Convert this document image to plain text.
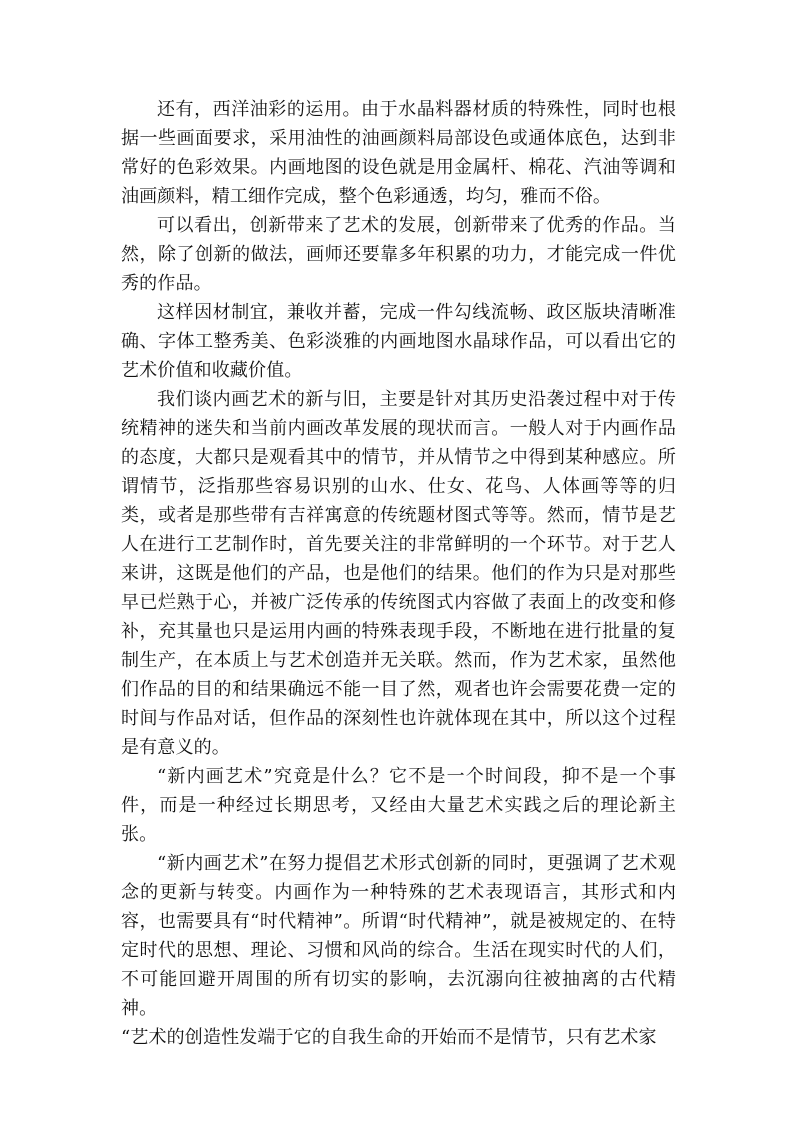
还有，西洋油彩的运用。由于水晶料器材质的特殊性，同时也根据一些画面要求，采用油性的油画颜料局部设色或通体底色，达到非常好的色彩效果。内画地图的设色就是用金属杆、棉花、汽油等调和油画颜料，精工细作完成，整个色彩通透，均匀，雅而不俗。

可以看出，创新带来了艺术的发展，创新带来了优秀的作品。当然，除了创新的做法，画师还要靠多年积累的功力，才能完成一件优秀的作品。

这样因材制宜，兼收并蓄，完成一件勾线流畅、政区版块清晰准确、字体工整秀美、色彩淡雅的内画地图水晶球作品，可以看出它的艺术价值和收藏价值。

我们谈内画艺术的新与旧，主要是针对其历史沿袭过程中对于传统精神的迷失和当前内画改革发展的现状而言。一般人对于内画作品的态度，大都只是观看其中的情节，并从情节之中得到某种感应。所谓情节，泛指那些容易识别的山水、仕女、花鸟、人体画等等的归类，或者是那些带有吉祥寓意的传统题材图式等等。然而，情节是艺人在进行工艺制作时，首先要关注的非常鲜明的一个环节。对于艺人来讲，这既是他们的产品，也是他们的结果。他们的作为只是对那些早已烂熟于心，并被广泛传承的传统图式内容做了表面上的改变和修补，充其量也只是运用内画的特殊表现手段，不断地在进行批量的复制生产，在本质上与艺术创造并无关联。然而，作为艺术家，虽然他们作品的目的和结果确远不能一目了然，观者也许会需要花费一定的时间与作品对话，但作品的深刻性也许就体现在其中，所以这个过程是有意义的。

“新内画艺术”究竟是什么？它不是一个时间段，抑不是一个事件，而是一种经过长期思考，又经由大量艺术实践之后的理论新主张。

“新内画艺术”在努力提倡艺术形式创新的同时，更强调了艺术观念的更新与转变。内画作为一种特殊的艺术表现语言，其形式和内容，也需要具有“时代精神”。所谓“时代精神”，就是被规定的、在特定时代的思想、理论、习惯和风尚的综合。生活在现实时代的人们，不可能回避开周围的所有切实的影响，去沉溺向往被抽离的古代精神。

“艺术的创造性发端于它的自我生命的开始而不是情节，只有艺术家
